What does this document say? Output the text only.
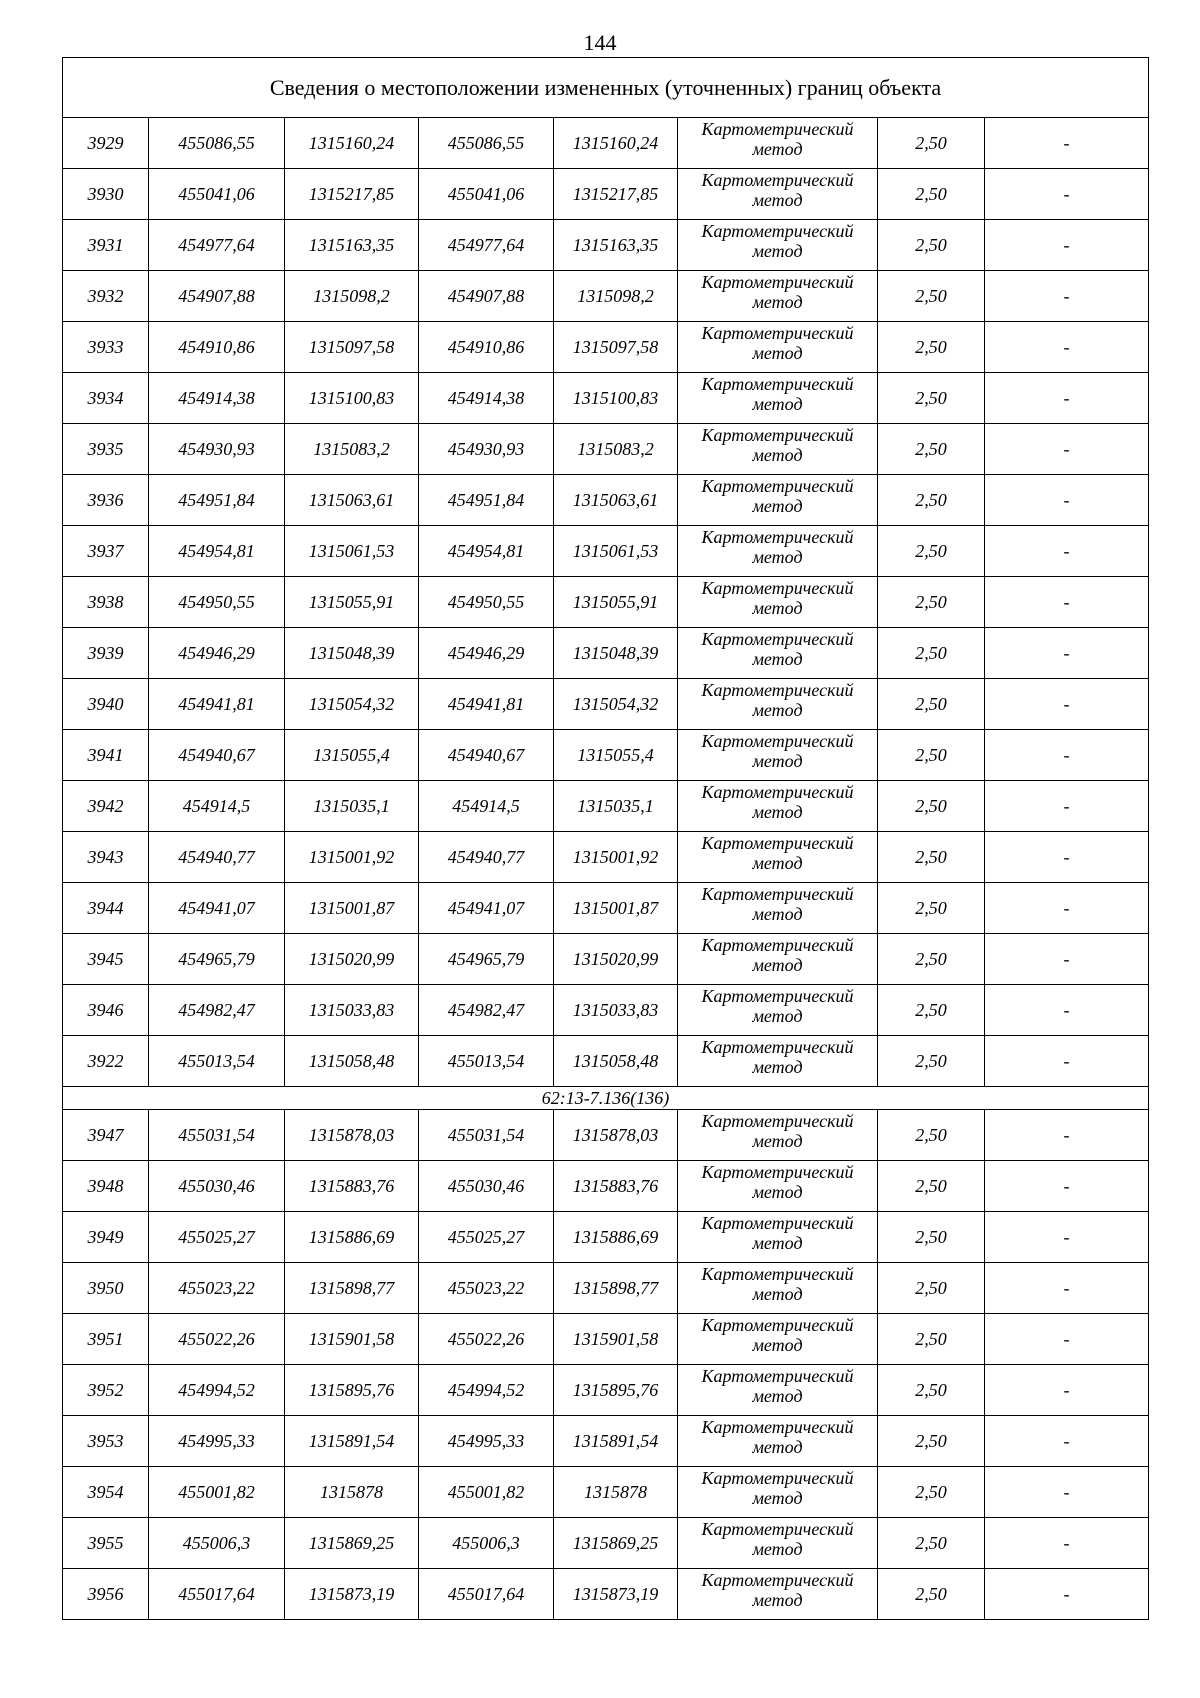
144
Сведения о местоположении измененных (уточненных) границ объекта							
3929	455086,55	1315160,24	455086,55	1315160,24	Картометрический метод	2,50	-
3930	455041,06	1315217,85	455041,06	1315217,85	Картометрический метод	2,50	-
3931	454977,64	1315163,35	454977,64	1315163,35	Картометрический метод	2,50	-
3932	454907,88	1315098,2	454907,88	1315098,2	Картометрический метод	2,50	-
3933	454910,86	1315097,58	454910,86	1315097,58	Картометрический метод	2,50	-
3934	454914,38	1315100,83	454914,38	1315100,83	Картометрический метод	2,50	-
3935	454930,93	1315083,2	454930,93	1315083,2	Картометрический метод	2,50	-
3936	454951,84	1315063,61	454951,84	1315063,61	Картометрический метод	2,50	-
3937	454954,81	1315061,53	454954,81	1315061,53	Картометрический метод	2,50	-
3938	454950,55	1315055,91	454950,55	1315055,91	Картометрический метод	2,50	-
3939	454946,29	1315048,39	454946,29	1315048,39	Картометрический метод	2,50	-
3940	454941,81	1315054,32	454941,81	1315054,32	Картометрический метод	2,50	-
3941	454940,67	1315055,4	454940,67	1315055,4	Картометрический метод	2,50	-
3942	454914,5	1315035,1	454914,5	1315035,1	Картометрический метод	2,50	-
3943	454940,77	1315001,92	454940,77	1315001,92	Картометрический метод	2,50	-
3944	454941,07	1315001,87	454941,07	1315001,87	Картометрический метод	2,50	-
3945	454965,79	1315020,99	454965,79	1315020,99	Картометрический метод	2,50	-
3946	454982,47	1315033,83	454982,47	1315033,83	Картометрический метод	2,50	-
3922	455013,54	1315058,48	455013,54	1315058,48	Картометрический метод	2,50	-
62:13-7.136(136)							
3947	455031,54	1315878,03	455031,54	1315878,03	Картометрический метод	2,50	-
3948	455030,46	1315883,76	455030,46	1315883,76	Картометрический метод	2,50	-
3949	455025,27	1315886,69	455025,27	1315886,69	Картометрический метод	2,50	-
3950	455023,22	1315898,77	455023,22	1315898,77	Картометрический метод	2,50	-
3951	455022,26	1315901,58	455022,26	1315901,58	Картометрический метод	2,50	-
3952	454994,52	1315895,76	454994,52	1315895,76	Картометрический метод	2,50	-
3953	454995,33	1315891,54	454995,33	1315891,54	Картометрический метод	2,50	-
3954	455001,82	1315878	455001,82	1315878	Картометрический метод	2,50	-
3955	455006,3	1315869,25	455006,3	1315869,25	Картометрический метод	2,50	-
3956	455017,64	1315873,19	455017,64	1315873,19	Картометрический метод	2,50	-
